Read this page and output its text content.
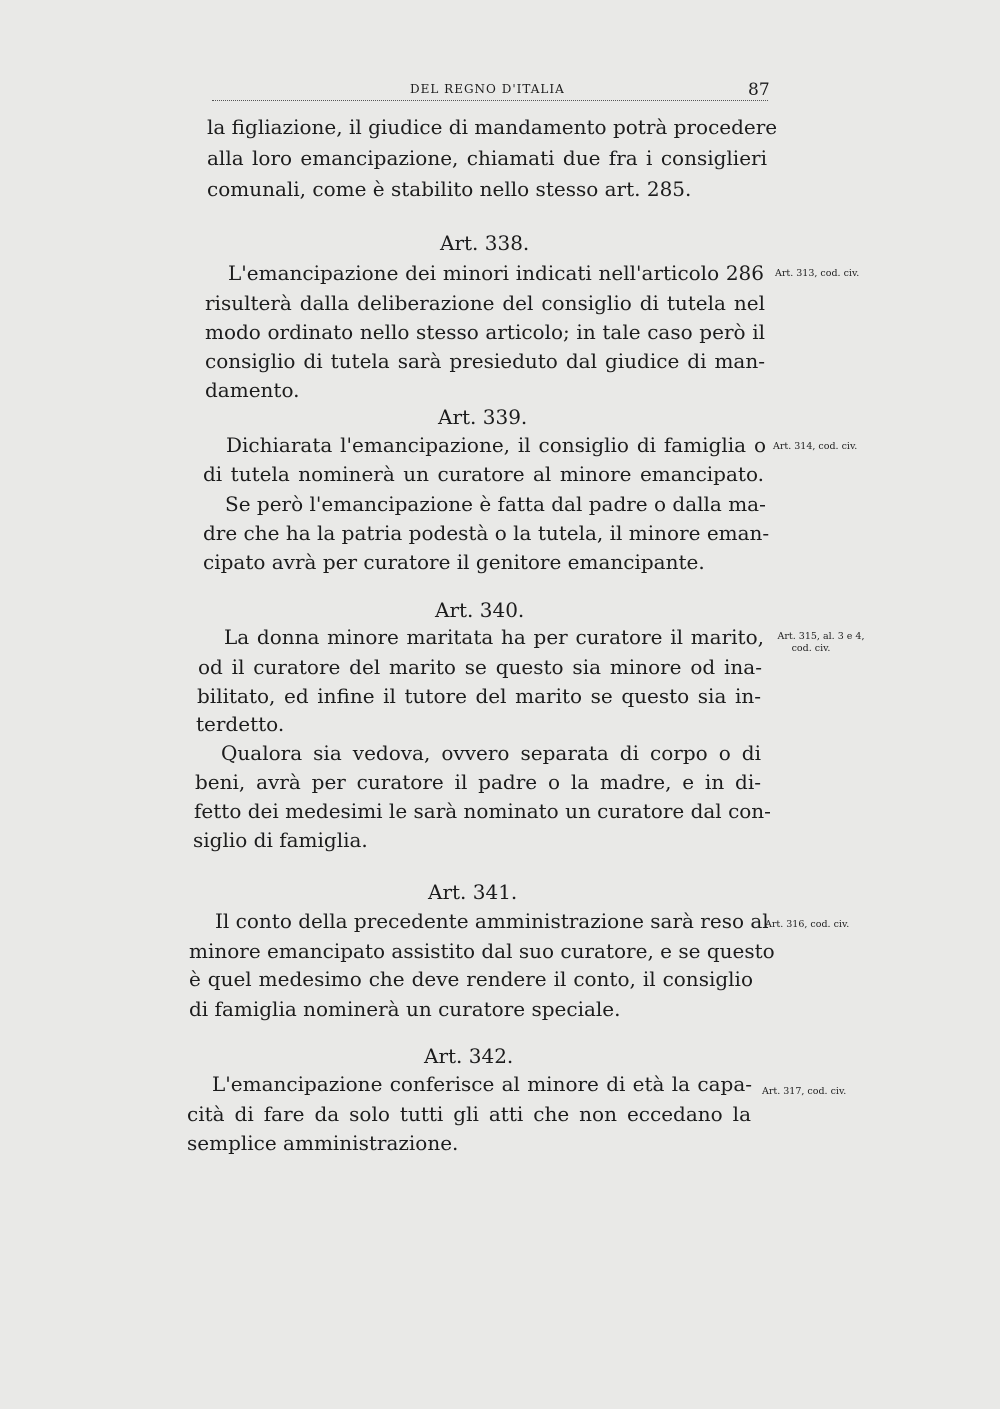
DEL REGNO D'ITALIA	87
la figliazione, il giudice di mandamento potrà procedere
alla loro emancipazione, chiamati due fra i consiglieri
comunali, come è stabilito nello stesso art. 285.
Art. 338.
L'emancipazione dei minori indicati nell'articolo 286 Art. 313, cod. civ.
risulterà dalla deliberazione del consiglio di tutela nel
modo ordinato nello stesso articolo; in tale caso però il
consiglio di tutela sarà presieduto dal giudice di man-
damento.
Art. 339.
Dichiarata l'emancipazione, il consiglio di famiglia o Art. 314, cod. civ.
di tutela nominerà un curatore al minore emancipato.
Se però l'emancipazione è fatta dal padre o dalla ma-
dre che ha la patria podestà o la tutela, il minore eman-
cipato avrà per curatore il genitore emancipante.
Art. 340.
La donna minore maritata ha per curatore il marito,	Art. 315, al. 3 e 4,
cod. civ.
od il curatore del marito se questo sia minore od ina-
bilitato, ed infine il tutore del marito se questo sia in-
terdetto.
Qualora sia vedova, ovvero separata di corpo o di
beni, avrà per curatore il padre o la madre, e in di-
fetto dei medesimi le sarà nominato un curatore dal con-
siglio di famiglia.
Art. 341.
Il conto della precedente amministrazione sarà reso al
Art. 316, cod. civ.
minore emancipato assistito dal suo curatore, e se questo
è quel medesimo che deve rendere il conto, il consiglio
di famiglia nominerà un curatore speciale.
Art. 342.
L'emancipazione conferisce al minore di età la capa- Art. 317, cod. civ.
cità di fare da solo tutti gli atti che non eccedano la
semplice amministrazione.
